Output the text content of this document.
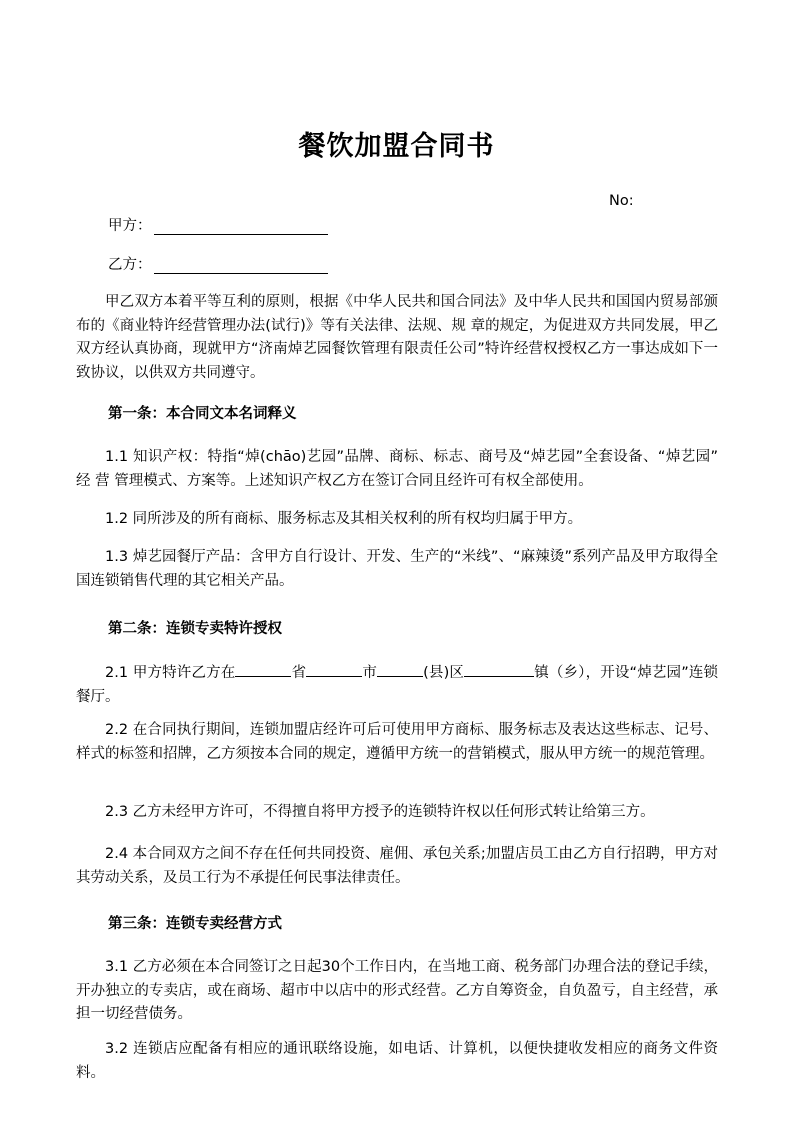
餐饮加盟合同书
No:
甲方：
乙方：
甲乙双方本着平等互利的原则，根据《中华人民共和国合同法》及中华人民共和国国内贸易部颁布的《商业特许经营管理办法(试行)》等有关法律、法规、规 章的规定，为促进双方共同发展，甲乙双方经认真协商，现就甲方“济南焯艺园餐饮管理有限责任公司”特许经营权授权乙方一事达成如下一致协议，以供双方共同遵守。
第一条：本合同文本名词释义
1.1 知识产权：特指“焯(chāo)艺园”品牌、商标、标志、商号及“焯艺园”全套设备、“焯艺园” 经 营 管理模式、方案等。上述知识产权乙方在签订合同且经许可有权全部使用。
1.2 同所涉及的所有商标、服务标志及其相关权利的所有权均归属于甲方。
1.3 焯艺园餐厅产品：含甲方自行设计、开发、生产的“米线”、“麻辣烫”系列产品及甲方取得全国连锁销售代理的其它相关产品。
第二条：连锁专卖特许授权
2.1 甲方特许乙方在	省	市	(县)区	镇（乡），开设“焯艺园”连锁餐厅。
2.2 在合同执行期间，连锁加盟店经许可后可使用甲方商标、服务标志及表达这些标志、记号、样式的标签和招牌，乙方须按本合同的规定，遵循甲方统一的营销模式，服从甲方统一的规范管理。
2.3 乙方未经甲方许可，不得擅自将甲方授予的连锁特许权以任何形式转让给第三方。
2.4 本合同双方之间不存在任何共同投资、雇佣、承包关系;加盟店员工由乙方自行招聘，甲方对其劳动关系，及员工行为不承提任何民事法律责任。
第三条：连锁专卖经营方式
3.1 乙方必须在本合同签订之日起30个工作日内，在当地工商、税务部门办理合法的登记手续，开办独立的专卖店，或在商场、超市中以店中的形式经营。乙方自筹资金，自负盈亏，自主经营，承担一切经营债务。
3.2 连锁店应配备有相应的通讯联络设施，如电话、计算机，以便快捷收发相应的商务文件资料。
